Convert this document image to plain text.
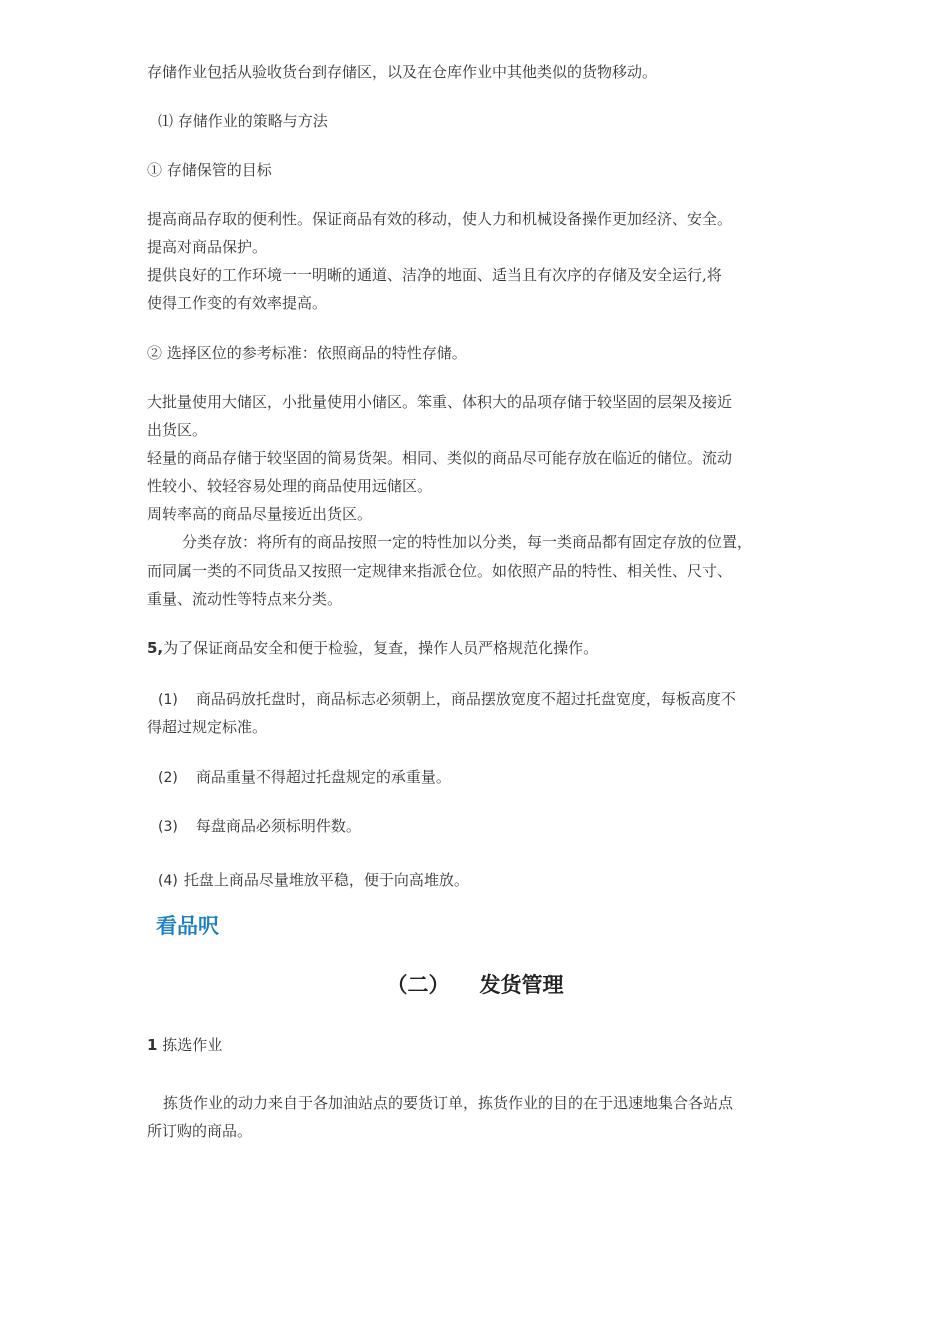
存储作业包括从验收货台到存储区，以及在仓库作业中其他类似的货物移动。

⑴ 存储作业的策略与方法

① 存储保管的目标

提高商品存取的便利性。保证商品有效的移动，使人力和机械设备操作更加经济、安全。

提高对商品保护。

提供良好的工作环境一一明晰的通道、洁净的地面、适当且有次序的存储及安全运行,将

使得工作变的有效率提高。

② 选择区位的参考标准：依照商品的特性存储。

大批量使用大储区，小批量使用小储区。笨重、体积大的品项存储于较坚固的层架及接近

出货区。

轻量的商品存储于较坚固的简易货架。相同、类似的商品尽可能存放在临近的储位。流动

性较小、较轻容易处理的商品使用远储区。

周转率高的商品尽量接近出货区。

分类存放：将所有的商品按照一定的特性加以分类，每一类商品都有固定存放的位置，

而同属一类的不同货品又按照一定规律来指派仓位。如依照产品的特性、相关性、尺寸、

重量、流动性等特点来分类。

5,为了保证商品安全和便于检验，复查，操作人员严格规范化操作。

(1) 商品码放托盘时，商品标志必须朝上，商品摆放宽度不超过托盘宽度，每板高度不

得超过规定标准。

(2) 商品重量不得超过托盘规定的承重量。

(3) 每盘商品必须标明件数。

(4) 托盘上商品尽量堆放平稳，便于向高堆放。

看品呎

（二） 发货管理

1 拣选作业

拣货作业的动力来自于各加油站点的要货订单，拣货作业的目的在于迅速地集合各站点

所订购的商品。
